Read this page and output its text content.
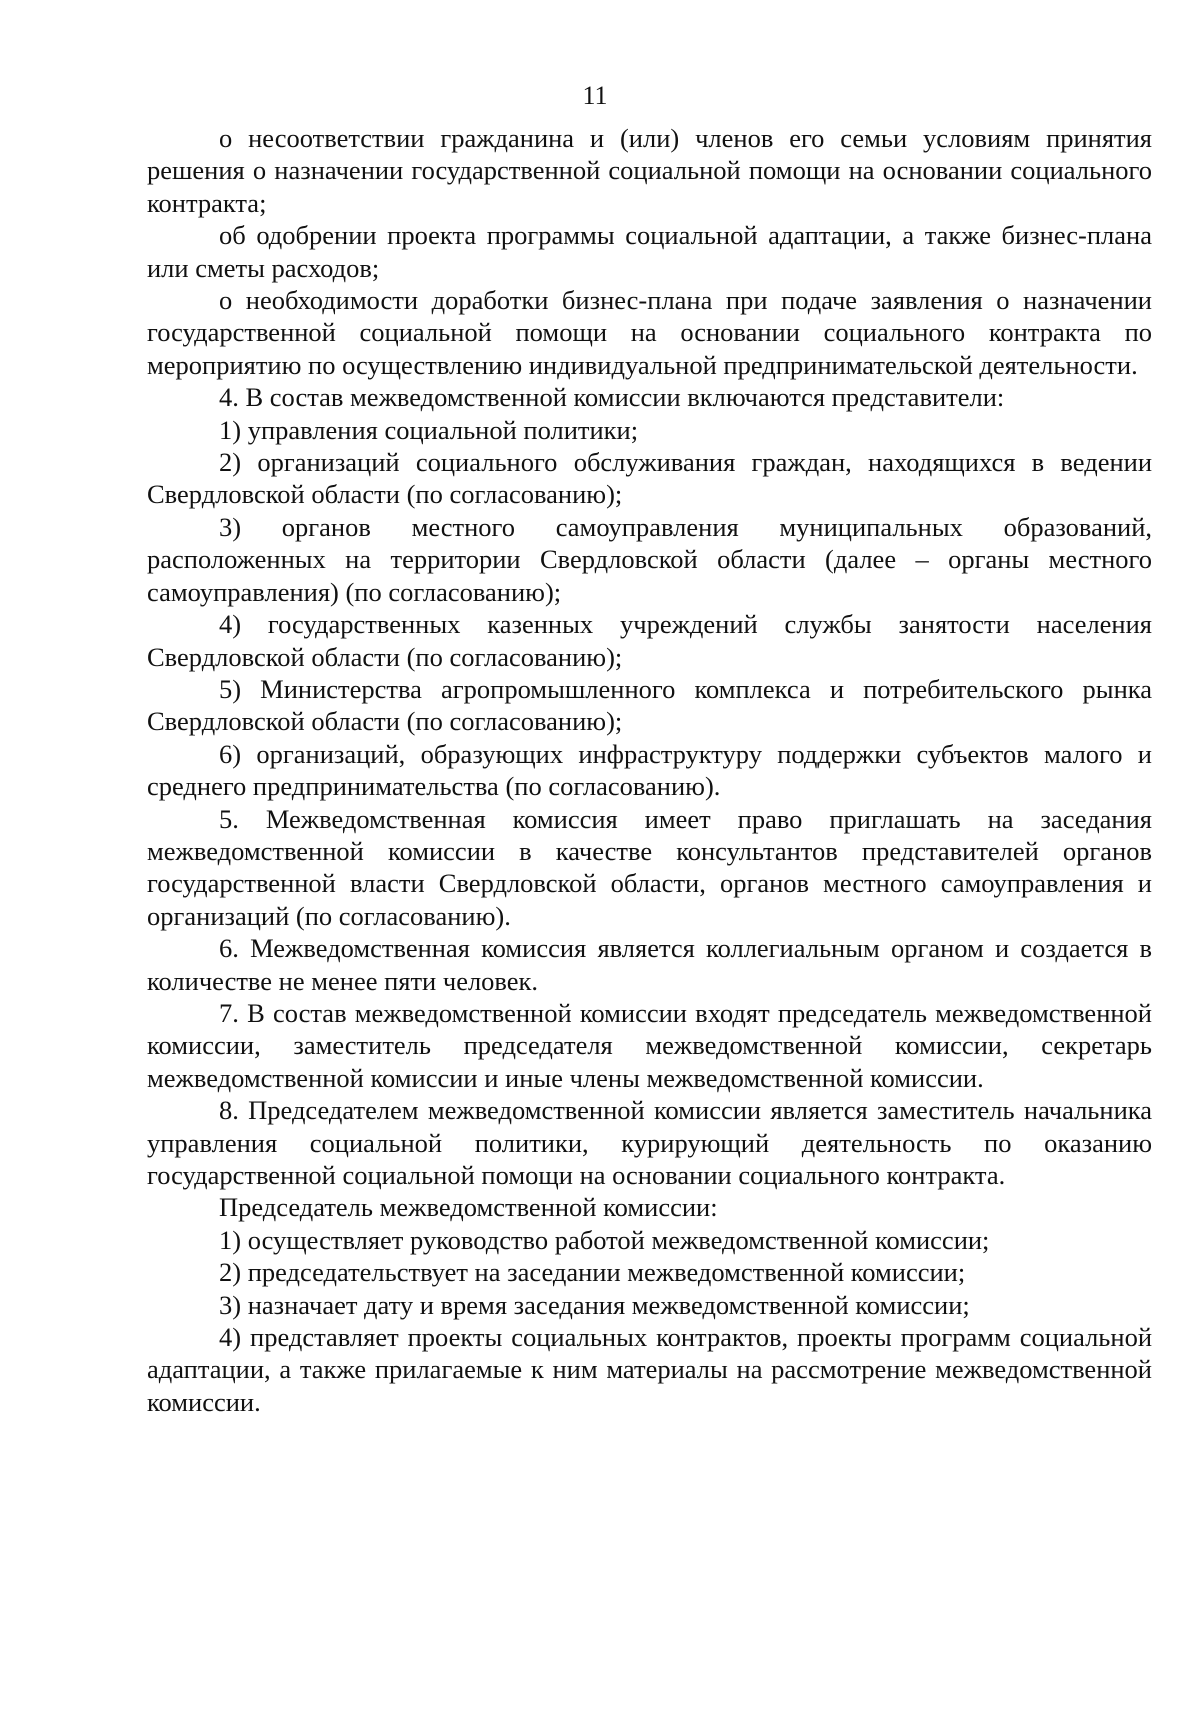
11

о несоответствии гражданина и (или) членов его семьи условиям принятия решения о назначении государственной социальной помощи на основании социального контракта;

об одобрении проекта программы социальной адаптации, а также бизнес-плана или сметы расходов;

о необходимости доработки бизнес-плана при подаче заявления о назначении государственной социальной помощи на основании социального контракта по мероприятию по осуществлению индивидуальной предпринимательской деятельности.

4. В состав межведомственной комиссии включаются представители:

1) управления социальной политики;

2) организаций социального обслуживания граждан, находящихся в ведении Свердловской области (по согласованию);

3) органов местного самоуправления муниципальных образований, расположенных на территории Свердловской области (далее – органы местного самоуправления) (по согласованию);

4) государственных казенных учреждений службы занятости населения Свердловской области (по согласованию);

5) Министерства агропромышленного комплекса и потребительского рынка Свердловской области (по согласованию);

6) организаций, образующих инфраструктуру поддержки субъектов малого и среднего предпринимательства (по согласованию).

5. Межведомственная комиссия имеет право приглашать на заседания межведомственной комиссии в качестве консультантов представителей органов государственной власти Свердловской области, органов местного самоуправления и организаций (по согласованию).

6. Межведомственная комиссия является коллегиальным органом и создается в количестве не менее пяти человек.

7. В состав межведомственной комиссии входят председатель межведомственной комиссии, заместитель председателя межведомственной комиссии, секретарь межведомственной комиссии и иные члены межведомственной комиссии.

8. Председателем межведомственной комиссии является заместитель начальника управления социальной политики, курирующий деятельность по оказанию государственной социальной помощи на основании социального контракта.

Председатель межведомственной комиссии:

1) осуществляет руководство работой межведомственной комиссии;

2) председательствует на заседании межведомственной комиссии;

3) назначает дату и время заседания межведомственной комиссии;

4) представляет проекты социальных контрактов, проекты программ социальной адаптации, а также прилагаемые к ним материалы на рассмотрение межведомственной комиссии.
